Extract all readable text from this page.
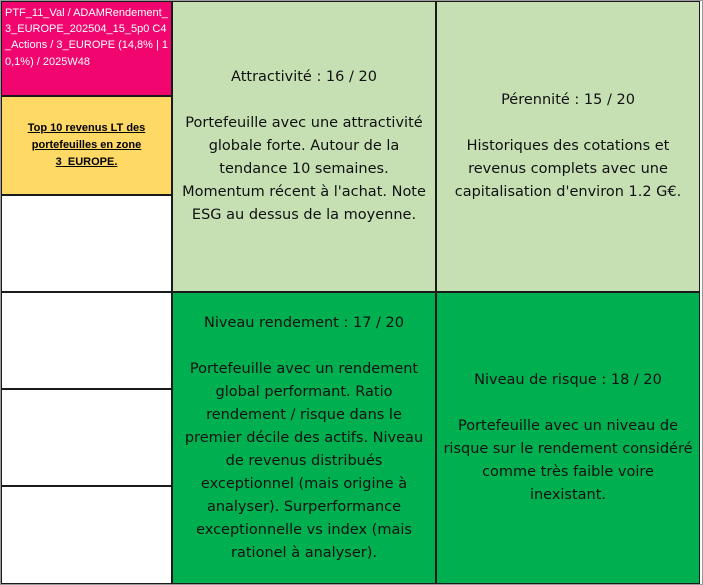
PTF_11_Val / ADAMRendement_3_EUROPE_202504_15_5p0 C4_Actions / 3_EUROPE (14,8% | 10,1%) / 2025W48
Top 10 revenus LT des portefeuilles en zone 3_EUROPE.
Attractivité : 16 / 20
Portefeuille avec une attractivité globale forte. Autour de la tendance 10 semaines. Momentum récent à l'achat. Note ESG au dessus de la moyenne.
Pérennité : 15 / 20
Historiques des cotations et revenus complets avec une capitalisation d'environ 1.2 G€.
Niveau rendement : 17 / 20
Portefeuille avec un rendement global performant. Ratio rendement / risque dans le premier décile des actifs. Niveau de revenus distribués exceptionnel (mais origine à analyser). Surperformance exceptionnelle vs index (mais rationel à analyser).
Niveau de risque : 18 / 20
Portefeuille avec un niveau de risque sur le rendement considéré comme très faible voire inexistant.
